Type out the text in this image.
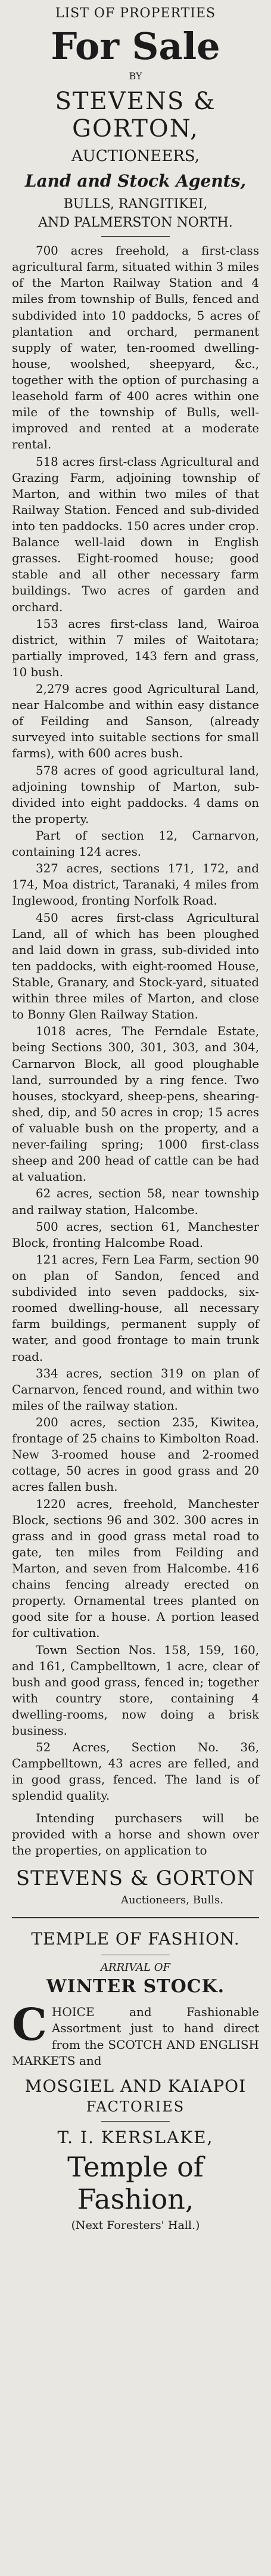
LIST OF PROPERTIES
For Sale
BY
STEVENS & GORTON,
AUCTIONEERS,
Land and Stock Agents,
BULLS, RANGITIKEI,
AND PALMERSTON NORTH.

700 acres freehold, a first-class agricultural farm, situated within 3 miles of the Marton Railway Station and 4 miles from township of Bulls, fenced and subdivided into 10 paddocks, 5 acres of plantation and orchard, permanent supply of water, ten-roomed dwelling-house, woolshed, sheepyard, &c., together with the option of purchasing a leasehold farm of 400 acres within one mile of the township of Bulls, well-improved and rented at a moderate rental.

518 acres first-class Agricultural and Grazing Farm, adjoining township of Marton, and within two miles of that Railway Station. Fenced and sub-divided into ten paddocks. 150 acres under crop. Balance well-laid down in English grasses. Eight-roomed house; good stable and all other necessary farm buildings. Two acres of garden and orchard.

153 acres first-class land, Wairoa district, within 7 miles of Waitotara; partially improved, 143 fern and grass, 10 bush.

2,279 acres good Agricultural Land, near Halcombe and within easy distance of Feilding and Sanson, (already surveyed into suitable sections for small farms), with 600 acres bush.

578 acres of good agricultural land, adjoining township of Marton, sub-divided into eight paddocks. 4 dams on the property.

Part of section 12, Carnarvon, containing 124 acres.

327 acres, sections 171, 172, and 174, Moa district, Taranaki, 4 miles from Inglewood, fronting Norfolk Road.

450 acres first-class Agricultural Land, all of which has been ploughed and laid down in grass, sub-divided into ten paddocks, with eight-roomed House, Stable, Granary, and Stock-yard, situated within three miles of Marton, and close to Bonny Glen Railway Station.

1018 acres, The Ferndale Estate, being Sections 300, 301, 303, and 304, Carnarvon Block, all good ploughable land, surrounded by a ring fence. Two houses, stockyard, sheep-pens, shearing-shed, dip, and 50 acres in crop; 15 acres of valuable bush on the property, and a never-failing spring; 1000 first-class sheep and 200 head of cattle can be had at valuation.

62 acres, section 58, near township and railway station, Halcombe.

500 acres, section 61, Manchester Block, fronting Halcombe Road.

121 acres, Fern Lea Farm, section 90 on plan of Sandon, fenced and subdivided into seven paddocks, six-roomed dwelling-house, all necessary farm buildings, permanent supply of water, and good frontage to main trunk road.

334 acres, section 319 on plan of Carnarvon, fenced round, and within two miles of the railway station.

200 acres, section 235, Kiwitea, frontage of 25 chains to Kimbolton Road. New 3-roomed house and 2-roomed cottage, 50 acres in good grass and 20 acres fallen bush.

1220 acres, freehold, Manchester Block, sections 96 and 302. 300 acres in grass and in good grass metal road to gate, ten miles from Feilding and Marton, and seven from Halcombe. 416 chains fencing already erected on property. Ornamental trees planted on good site for a house. A portion leased for cultivation.

Town Section Nos. 158, 159, 160, and 161, Campbelltown, 1 acre, clear of bush and good grass, fenced in; together with country store, containing 4 dwelling-rooms, now doing a brisk business.

52 Acres, Section No. 36, Campbelltown, 43 acres are felled, and in good grass, fenced. The land is of splendid quality.

Intending purchasers will be provided with a horse and shown over the properties, on application to

STEVENS & GORTON
Auctioneers, Bulls.
TEMPLE OF FASHION.
ARRIVAL OF
WINTER STOCK.

CHOICE and Fashionable Assortment just to hand direct from the SCOTCH AND ENGLISH MARKETS and

MOSGIEL AND KAIAPOI
FACTORIES
T. I. KERSLAKE,
Temple of Fashion,
(Next Foresters' Hall.)
